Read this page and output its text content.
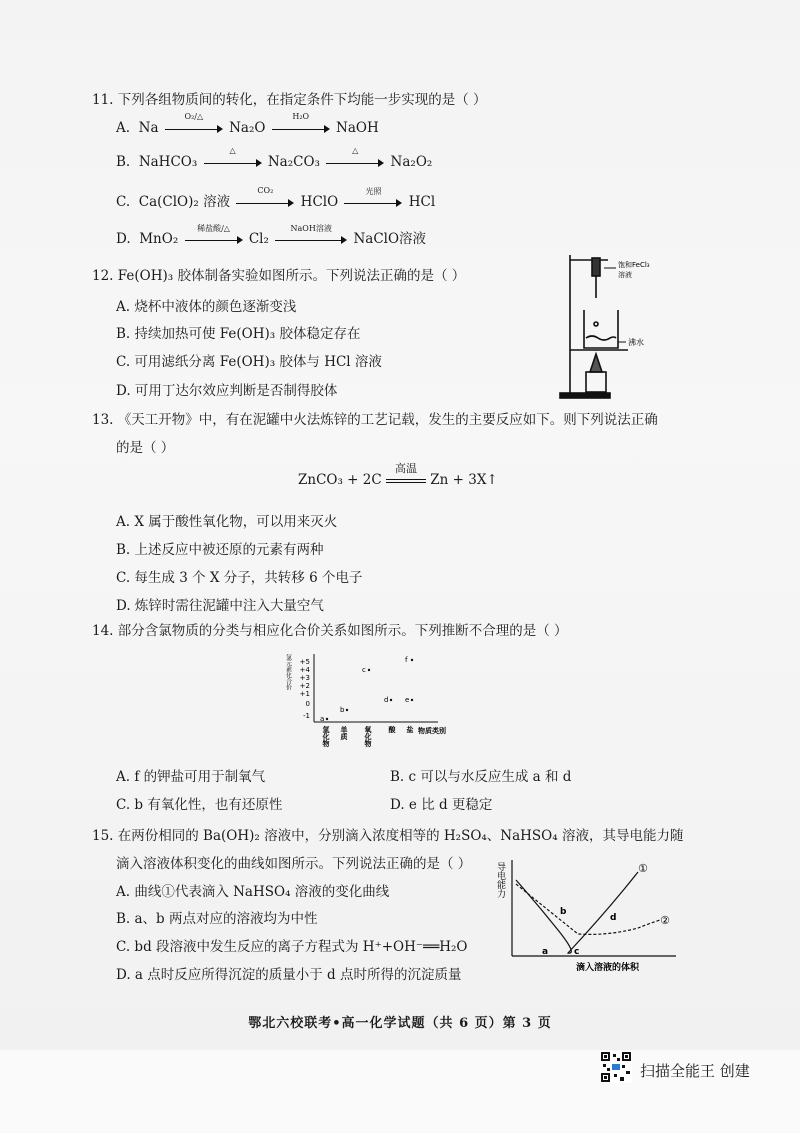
11. 下列各组物质间的转化，在指定条件下均能一步实现的是（ ）
A. Na
O₂/△
Na₂O
H₂O
NaOH
B. NaHCO₃
△
Na₂CO₃
△
Na₂O₂
C. Ca(ClO)₂ 溶液
CO₂
HClO
光照
HCl
D. MnO₂
稀盐酸/△
Cl₂
NaOH溶液
NaClO溶液
12. Fe(OH)₃ 胶体制备实验如图所示。下列说法正确的是（ ）
A. 烧杯中液体的颜色逐渐变浅
B. 持续加热可使 Fe(OH)₃ 胶体稳定存在
C. 可用滤纸分离 Fe(OH)₃ 胶体与 HCl 溶液
D. 可用丁达尔效应判断是否制得胶体
饱和FeCl₃
溶液
沸水
13. 《天工开物》中，有在泥罐中火法炼锌的工艺记载，发生的主要反应如下。则下列说法正确
的是（ ）
ZnCO₃ + 2C
高温
Zn + 3X↑
A. X 属于酸性氧化物，可以用来灭火
B. 上述反应中被还原的元素有两种
C. 每生成 3 个 X 分子，共转移 6 个电子
D. 炼锌时需往泥罐中注入大量空气
14. 部分含氯物质的分类与相应化合价关系如图所示。下列推断不合理的是（ ）
氯元素化合价 +5
+4
+3
+2
+1
0
-1
氢化物 单质 氧化物 酸 盐 物质类别
a
b
c
d e
f
A. f 的钾盐可用于制氧气	B. c 可以与水反应生成 a 和 d
C. b 有氧化性，也有还原性	D. e 比 d 更稳定
15. 在两份相同的 Ba(OH)₂ 溶液中，分别滴入浓度相等的 H₂SO₄、NaHSO₄ 溶液，其导电能力随
滴入溶液体积变化的曲线如图所示。下列说法正确的是（ ）
A. 曲线①代表滴入 NaHSO₄ 溶液的变化曲线
B. a、b 两点对应的溶液均为中性
C. bd 段溶液中发生反应的离子方程式为 H⁺+OH⁻══H₂O
D. a 点时反应所得沉淀的质量小于 d 点时所得的沉淀质量
导电能力
滴入溶液的体积
①
②
a
b
c
d
鄂北六校联考•高一化学试题（共 6 页）第 3 页
扫描全能王 创建
